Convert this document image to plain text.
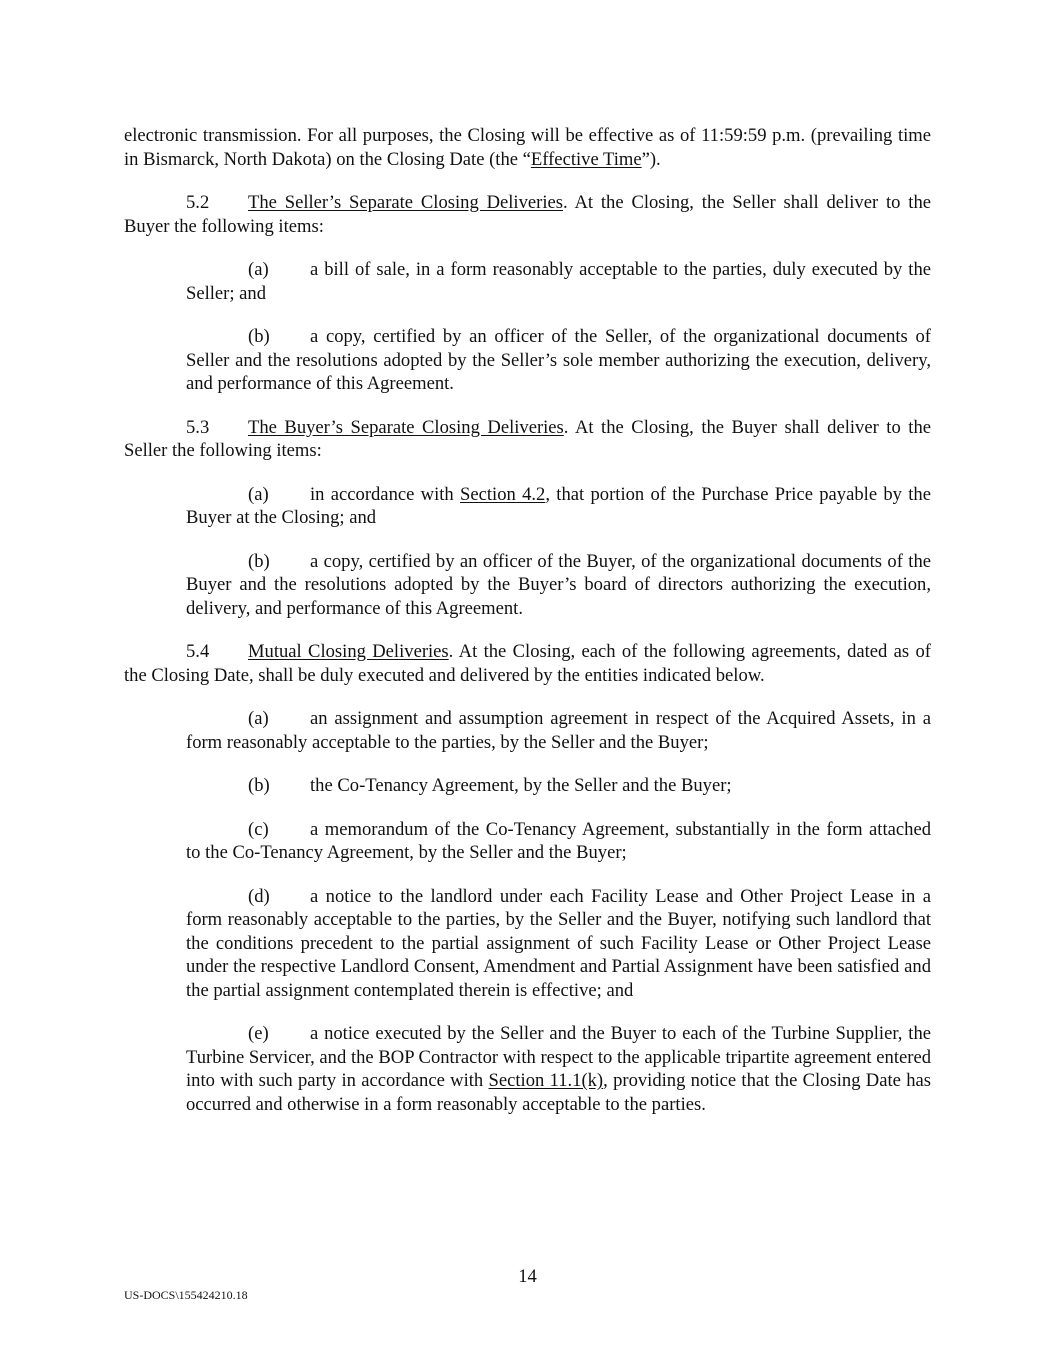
electronic transmission. For all purposes, the Closing will be effective as of 11:59:59 p.m. (prevailing time in Bismarck, North Dakota) on the Closing Date (the “Effective Time”).

5.2 The Seller’s Separate Closing Deliveries. At the Closing, the Seller shall deliver to the Buyer the following items:

(a) a bill of sale, in a form reasonably acceptable to the parties, duly executed by the Seller; and

(b) a copy, certified by an officer of the Seller, of the organizational documents of Seller and the resolutions adopted by the Seller’s sole member authorizing the execution, delivery, and performance of this Agreement.

5.3 The Buyer’s Separate Closing Deliveries. At the Closing, the Buyer shall deliver to the Seller the following items:

(a) in accordance with Section 4.2, that portion of the Purchase Price payable by the Buyer at the Closing; and

(b) a copy, certified by an officer of the Buyer, of the organizational documents of the Buyer and the resolutions adopted by the Buyer’s board of directors authorizing the execution, delivery, and performance of this Agreement.

5.4 Mutual Closing Deliveries. At the Closing, each of the following agreements, dated as of the Closing Date, shall be duly executed and delivered by the entities indicated below.

(a) an assignment and assumption agreement in respect of the Acquired Assets, in a form reasonably acceptable to the parties, by the Seller and the Buyer;

(b) the Co-Tenancy Agreement, by the Seller and the Buyer;

(c) a memorandum of the Co-Tenancy Agreement, substantially in the form attached to the Co-Tenancy Agreement, by the Seller and the Buyer;

(d) a notice to the landlord under each Facility Lease and Other Project Lease in a form reasonably acceptable to the parties, by the Seller and the Buyer, notifying such landlord that the conditions precedent to the partial assignment of such Facility Lease or Other Project Lease under the respective Landlord Consent, Amendment and Partial Assignment have been satisfied and the partial assignment contemplated therein is effective; and

(e) a notice executed by the Seller and the Buyer to each of the Turbine Supplier, the Turbine Servicer, and the BOP Contractor with respect to the applicable tripartite agreement entered into with such party in accordance with Section 11.1(k), providing notice that the Closing Date has occurred and otherwise in a form reasonably acceptable to the parties.

14
US-DOCS\155424210.18
